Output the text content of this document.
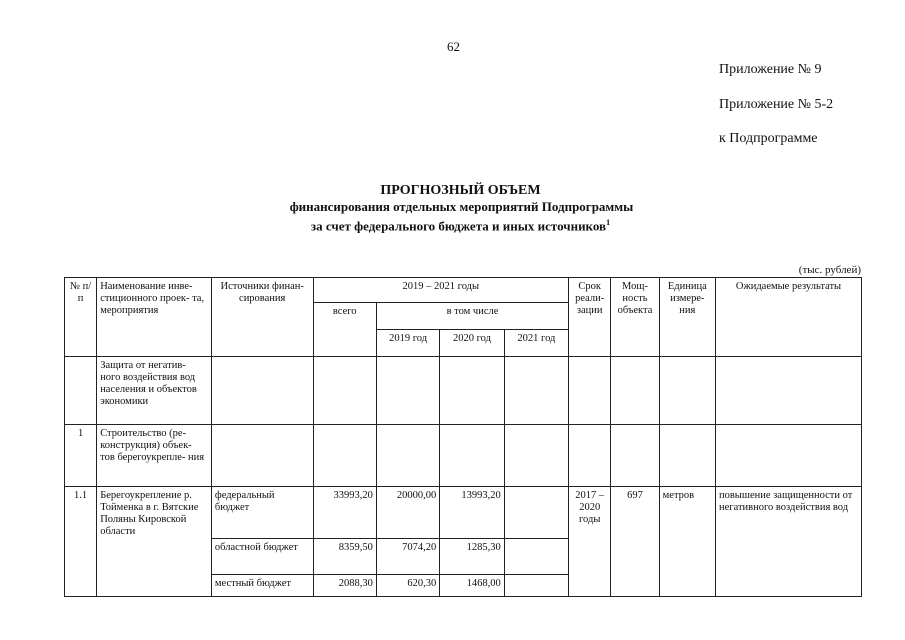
62
Приложение № 9
Приложение № 5-2
к Подпрограмме
ПРОГНОЗНЫЙ ОБЪЕМ
финансирования отдельных мероприятий Подпрограммы
за счет федерального бюджета и иных источников$^1$
(тыс. рублей)
№ п/п	Наименование инве- стиционного проек- та, мероприятия	Источники финан- сирования	2019 – 2021 годы				Срок реали- зации	Мощ- ность объекта	Единица измере- ния	Ожидаемые результаты
			всего	в том числе						
				2019 год	2020 год	2021 год				
	Защита от негатив- ного воздействия вод населения и объектов экономики									
1	Строительство (ре- конструкция) объек- тов берегоукрепле- ния									
1.1	Берегоукрепление р. Тойменка в г. Вятские Поляны Кировской области	федеральный бюджет	33993,20	20000,00	13993,20		2017 – 2020 годы	697	метров	повышение защищенности от негативного воздействия вод
		областной бюджет	8359,50	7074,20	1285,30					
		местный бюджет	2088,30	620,30	1468,00					
